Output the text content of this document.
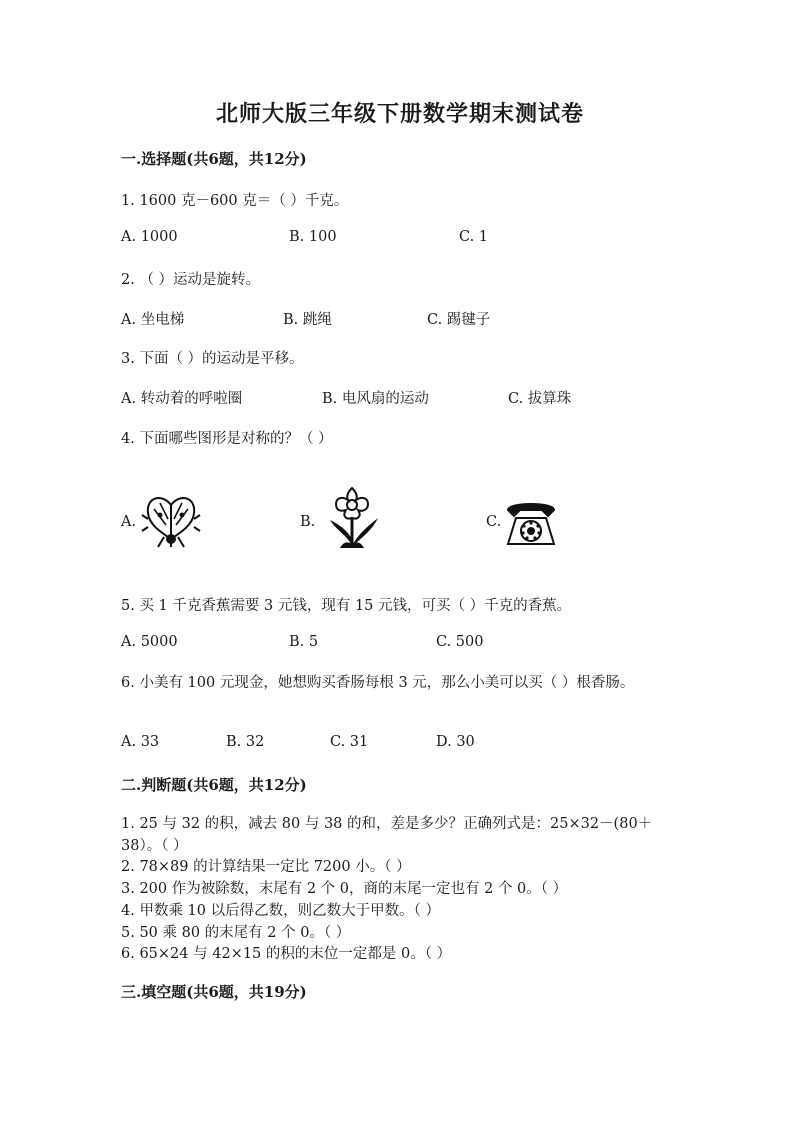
北师大版三年级下册数学期末测试卷
一.选择题(共6题，共12分)
1. 1600 克－600 克＝（ ）千克。
A. 1000	B. 100	C. 1
2. （ ）运动是旋转。
A. 坐电梯	B. 跳绳	C. 踢毽子
3. 下面（ ）的运动是平移。
A. 转动着的呼啦圈	B. 电风扇的运动	C. 拔算珠
4. 下面哪些图形是对称的？（ ）
A.	B.	C.
5. 买 1 千克香蕉需要 3 元钱，现有 15 元钱，可买（ ）千克的香蕉。
A. 5000	B. 5	C. 500
6. 小美有 100 元现金，她想购买香肠每根 3 元，那么小美可以买（ ）根香肠。
A. 33	B. 32	C. 31	D. 30
二.判断题(共6题，共12分)
1. 25 与 32 的积，减去 80 与 38 的和，差是多少？正确列式是：25×32－(80＋38）。（ ）
2. 78×89 的计算结果一定比 7200 小。（ ）
3. 200 作为被除数，末尾有 2 个 0，商的末尾一定也有 2 个 0。（ ）
4. 甲数乘 10 以后得乙数，则乙数大于甲数。（ ）
5. 50 乘 80 的末尾有 2 个 0。（ ）
6. 65×24 与 42×15 的积的末位一定都是 0。（ ）
三.填空题(共6题，共19分)
